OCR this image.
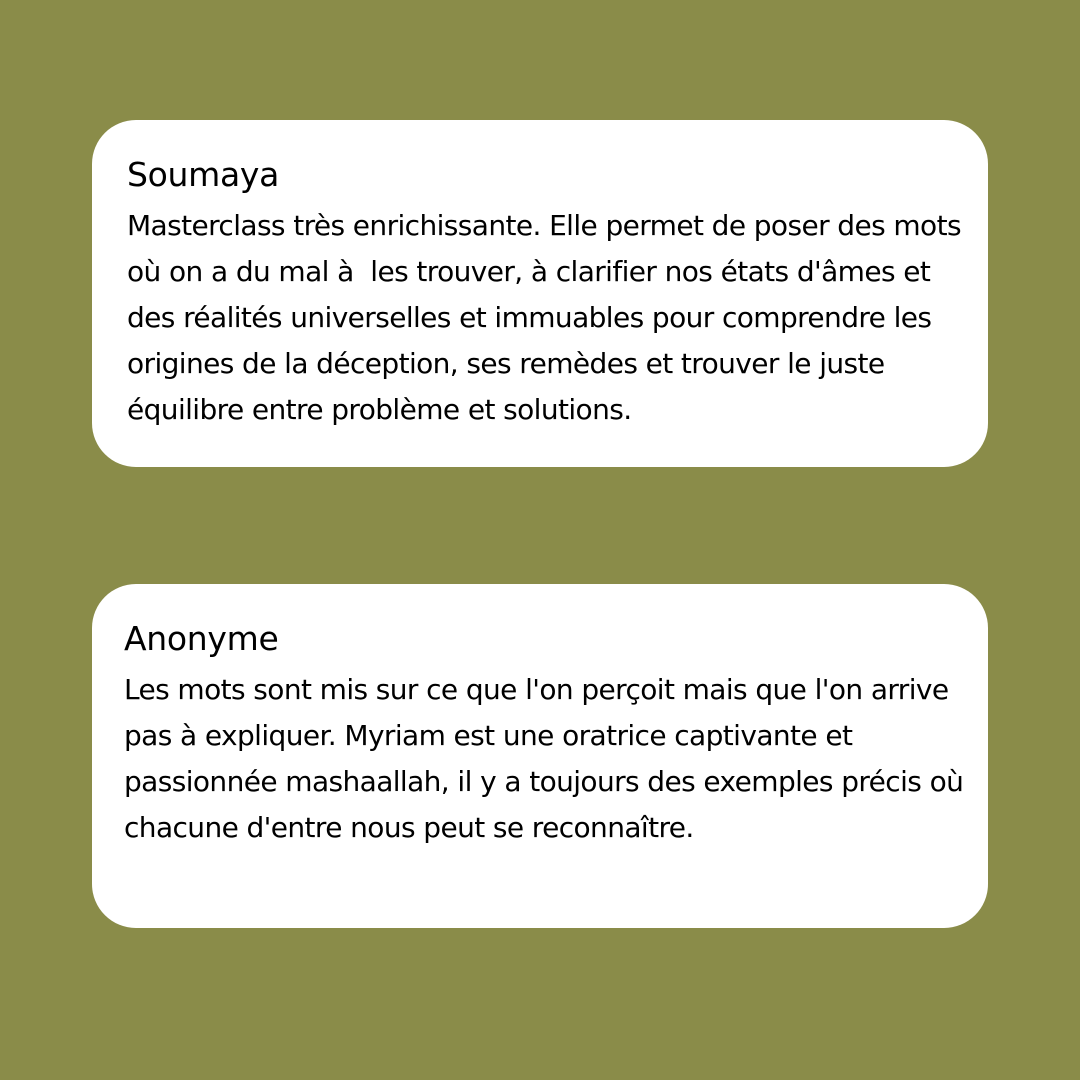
Soumaya

Masterclass très enrichissante. Elle permet de poser des mots où on a du mal à  les trouver, à clarifier nos états d'âmes et des réalités universelles et immuables pour comprendre les origines de la déception, ses remèdes et trouver le juste équilibre entre problème et solutions.

Anonyme

Les mots sont mis sur ce que l'on perçoit mais que l'on arrive pas à expliquer. Myriam est une oratrice captivante et passionnée mashaallah, il y a toujours des exemples précis où chacune d'entre nous peut se reconnaître.
